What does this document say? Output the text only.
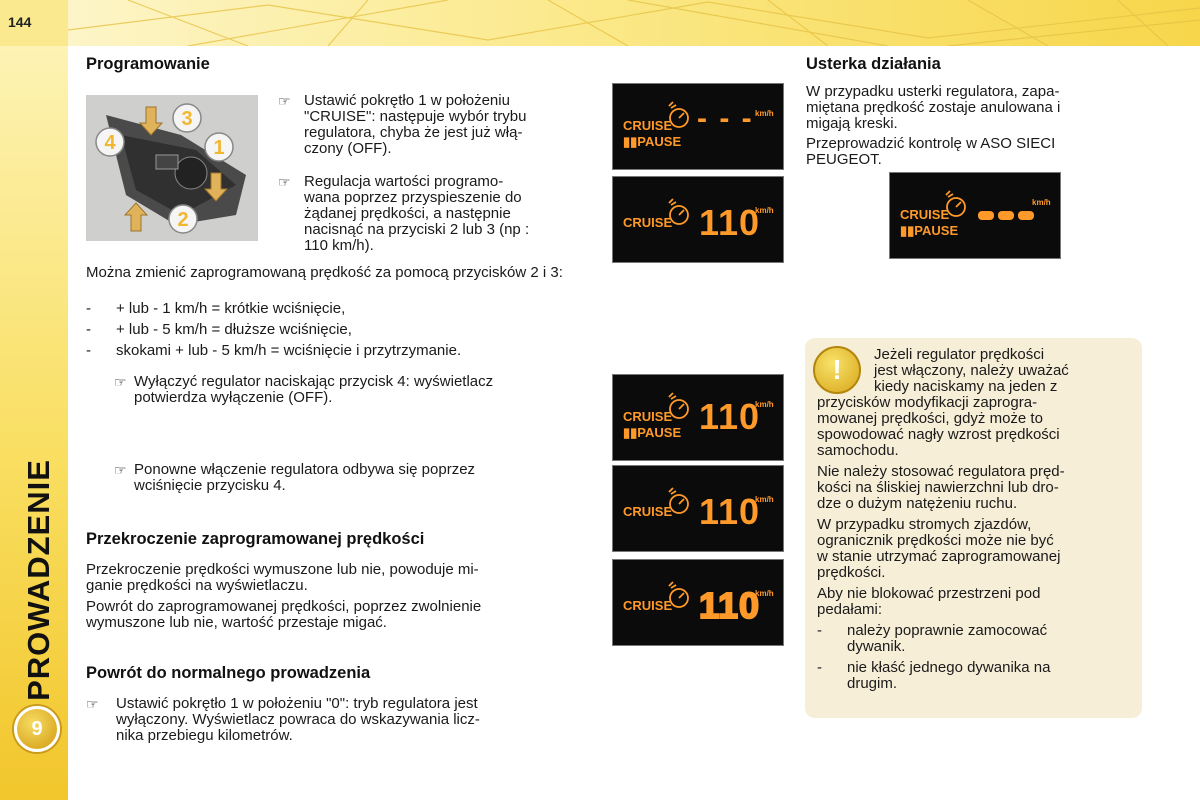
144
PROWADZENIE
9
Programowanie
4
3
1
2
☞ Ustawić pokrętło 1 w położeniu
"CRUISE": następuje wybór trybu
regulatora, chyba że jest już włą-
czony (OFF).
☞ Regulacja wartości programo-
wana poprzez przyspieszenie do
żądanej prędkości, a następnie
nacisnąć na przyciski 2 lub 3 (np :
110 km/h).

Można zmienić zaprogramowaną prędkość za pomocą przycisków 2 i 3:

- + lub - 1 km/h = krótkie wciśnięcie,
- + lub - 5 km/h = dłuższe wciśnięcie,
- skokami + lub - 5 km/h = wciśnięcie i przytrzymanie.
☞ Wyłączyć regulator naciskając przycisk 4: wyświetlacz
potwierdza wyłączenie (OFF).
☞ Ponowne włączenie regulatora odbywa się poprzez
wciśnięcie przycisku 4.
Przekroczenie zaprogramowanej prędkości
Przekroczenie prędkości wymuszone lub nie, powoduje mi-
ganie prędkości na wyświetlaczu.
Powrót do zaprogramowanej prędkości, poprzez zwolnienie
wymuszone lub nie, wartość przestaje migać.
Powrót do normalnego prowadzenia
☞ Ustawić pokrętło 1 w położeniu "0": tryb regulatora jest
wyłączony. Wyświetlacz powraca do wskazywania licz-
nika przebiegu kilometrów.
CRUISE
▮▮PAUSE
- - - km/h
CRUISE 110
km/h
CRUISE
▮▮PAUSE 110
km/h
CRUISE 110
km/h
CRUISE 110
km/h
CRUISE
▮▮PAUSE
km/h
Usterka działania
W przypadku usterki regulatora, zapa-
miętana prędkość zostaje anulowana i
migają kreski.
Przeprowadzić kontrolę w ASO SIECI
PEUGEOT.
!	Jeżeli regulator prędkości
jest włączony, należy uważać
kiedy naciskamy na jeden z
przycisków modyfikacji zaprogra-
mowanej prędkości, gdyż może to
spowodować nagły wzrost prędkości
samochodu.
Nie należy stosować regulatora pręd-
kości na śliskiej nawierzchni lub dro-
dze o dużym natężeniu ruchu.
W przypadku stromych zjazdów,
ogranicznik prędkości może nie być
w stanie utrzymać zaprogramowanej
prędkości.
Aby nie blokować przestrzeni pod
pedałami:
- należy poprawnie zamocować
dywanik.
- nie kłaść jednego dywanika na
drugim.
